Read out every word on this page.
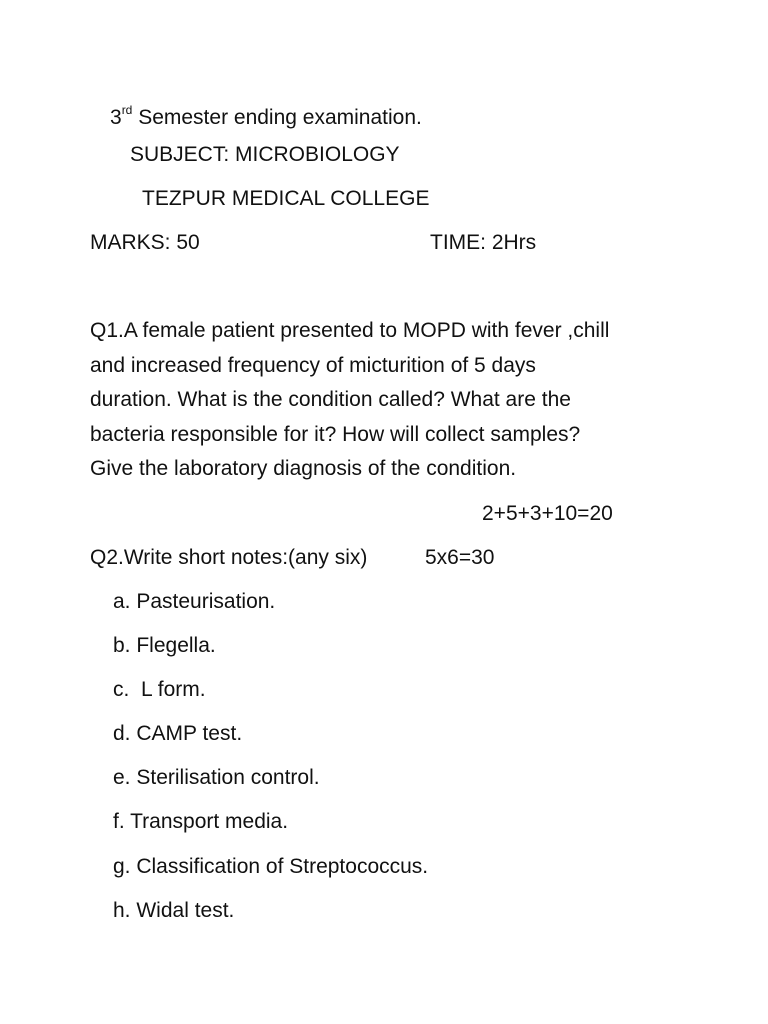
3rd Semester ending examination.
SUBJECT: MICROBIOLOGY
TEZPUR MEDICAL COLLEGE
MARKS: 50	TIME: 2Hrs
Q1.A female patient presented to MOPD with fever ,chill
and increased frequency of micturition of 5 days
duration. What is the condition called? What are the
bacteria responsible for it? How will collect samples?
Give the laboratory diagnosis of the condition.
2+5+3+10=20
Q2.Write short notes:(any six)	5x6=30
a. Pasteurisation.
b. Flegella.
c.  L form.
d. CAMP test.
e. Sterilisation control.
f. Transport media.
g. Classification of Streptococcus.
h. Widal test.
